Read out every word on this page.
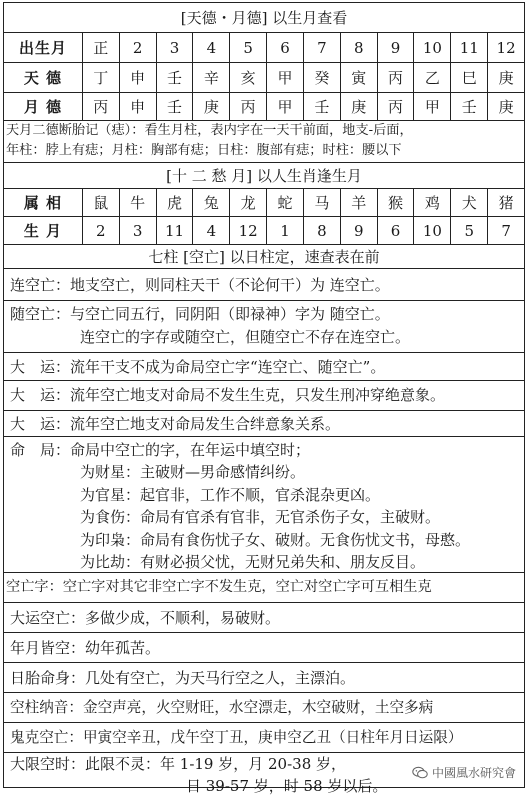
[天德・月德] 以生月查看
出生月	正	2	3	4	5	6	7	8	9	10	11	12
天 德	丁	申	壬	辛	亥	甲	癸	寅	丙	乙	巳	庚
月 德	丙	申	壬	庚	丙	甲	壬	庚	丙	甲	壬	庚
天月二德断胎记（痣）：看生月柱，表内字在一天干前面，地支-后面，
年柱：脖上有痣；月柱：胸部有痣；日柱：腹部有痣；时柱：腰以下
[十 二 愁 月] 以人生肖逢生月
属 相	鼠	牛	虎	兔	龙	蛇	马	羊	猴	鸡	犬	猪
生 月	2	3	11	4	12	1	8	9	6	10	5	7
七柱 [空亡] 以日柱定，速查表在前
连空亡：地支空亡，则同柱天干（不论何干）为 连空亡。
随空亡：与空亡同五行，同阴阳（即禄神）字为 随空亡。
连空亡的字存或随空亡，但随空亡不存在连空亡。
大　运：流年干支不成为命局空亡字“连空亡、随空亡”。
大　运：流年空亡地支对命局不发生生克，只发生刑冲穿绝意象。
大　运：流年空亡地支对命局发生合绊意象关系。
命　局：命局中空亡的字，在年运中填空时；
为财星：主破财—男命感情纠纷。
为官星：起官非，工作不顺，官杀混杂更凶。
为食伤：命局有官杀有官非，无官杀伤子女，主破财。
为印枭：命局有食伤忧子女、破财。无食伤忧文书，母憨。
为比劫：有财必损父忧，无财兄弟失和、朋友反目。
空亡字：空亡字对其它非空亡字不发生克，空亡对空亡字可互相生克
大运空亡：多做少成，不顺利，易破财。
年月皆空：幼年孤苦。
日胎命身：几处有空亡，为天马行空之人，主漂泊。
空柱纳音：金空声亮，火空财旺，水空漂走，木空破财，土空多病
鬼克空亡：甲寅空辛丑，戊午空丁丑，庚申空乙丑（日柱年月日运限）
大限空时：此限不灵：年 1-19 岁，月 20-38 岁，
日 39-57 岁，时 58 岁以后。
中國風水研究會
